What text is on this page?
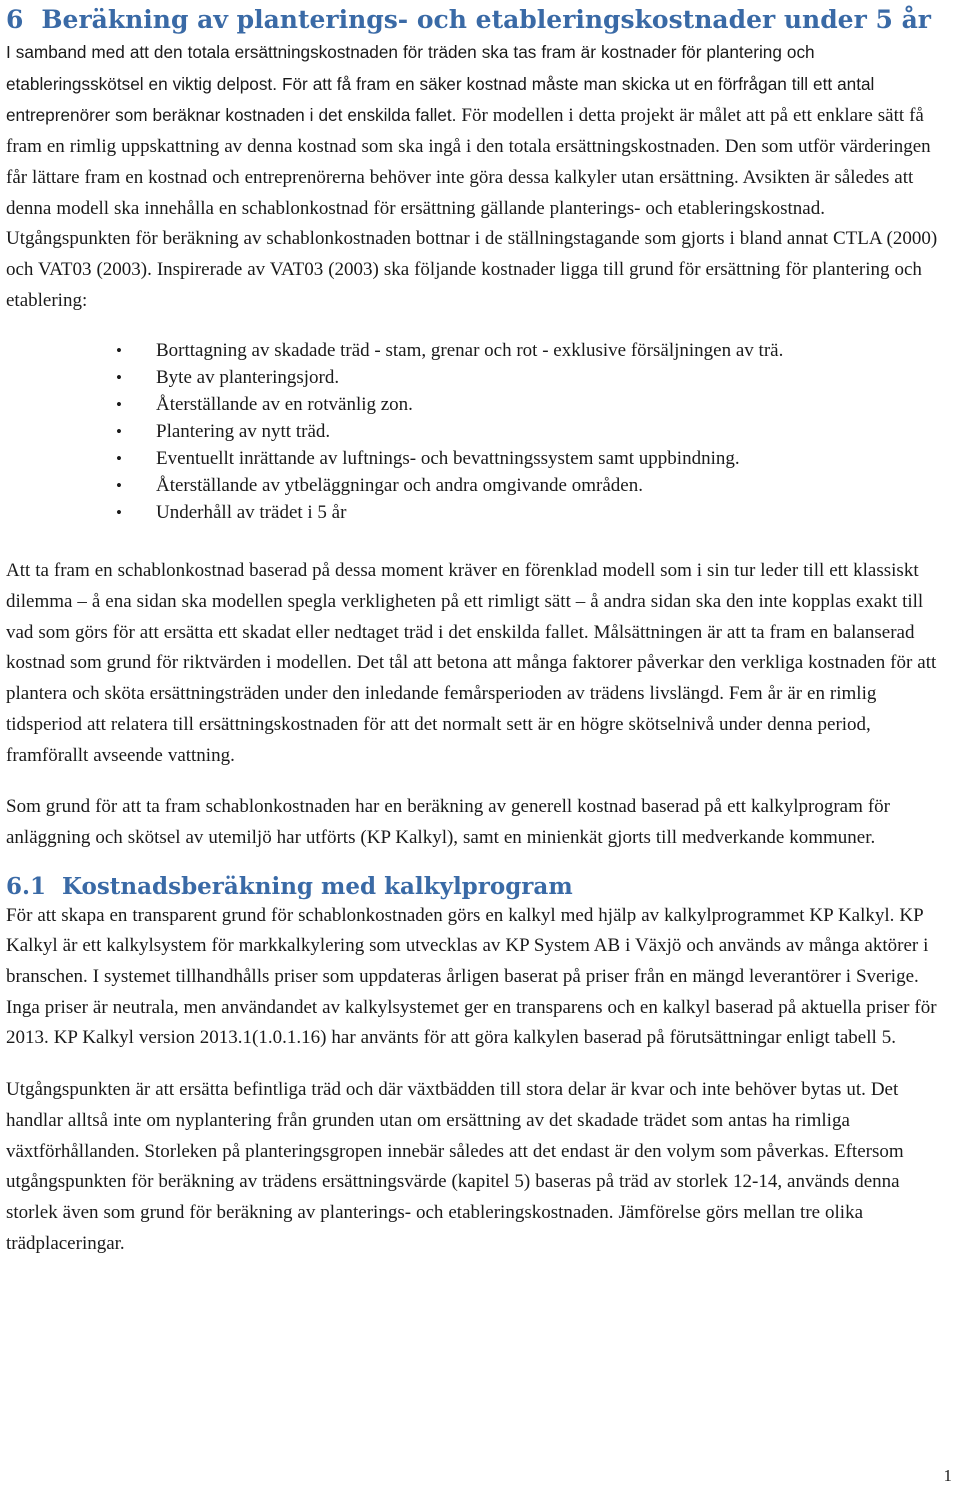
6 Beräkning av planterings- och etableringskostnader under 5 år

I samband med att den totala ersättningskostnaden för träden ska tas fram är kostnader för plantering och etableringsskötsel en viktig delpost. För att få fram en säker kostnad måste man skicka ut en förfrågan till ett antal entreprenörer som beräknar kostnaden i det enskilda fallet. För modellen i detta projekt är målet att på ett enklare sätt få fram en rimlig uppskattning av denna kostnad som ska ingå i den totala ersättningskostnaden. Den som utför värderingen får lättare fram en kostnad och entreprenörerna behöver inte göra dessa kalkyler utan ersättning. Avsikten är således att denna modell ska innehålla en schablonkostnad för ersättning gällande planterings- och etableringskostnad. Utgångspunkten för beräkning av schablonkostnaden bottnar i de ställningstagande som gjorts i bland annat CTLA (2000) och VAT03 (2003). Inspirerade av VAT03 (2003) ska följande kostnader ligga till grund för ersättning för plantering och etablering:

• Borttagning av skadade träd - stam, grenar och rot - exklusive försäljningen av trä.
• Byte av planteringsjord.
• Återställande av en rotvänlig zon.
• Plantering av nytt träd.
• Eventuellt inrättande av luftnings- och bevattningssystem samt uppbindning.
• Återställande av ytbeläggningar och andra omgivande områden.
• Underhåll av trädet i 5 år

Att ta fram en schablonkostnad baserad på dessa moment kräver en förenklad modell som i sin tur leder till ett klassiskt dilemma – å ena sidan ska modellen spegla verkligheten på ett rimligt sätt – å andra sidan ska den inte kopplas exakt till vad som görs för att ersätta ett skadat eller nedtaget träd i det enskilda fallet. Målsättningen är att ta fram en balanserad kostnad som grund för riktvärden i modellen. Det tål att betona att många faktorer påverkar den verkliga kostnaden för att plantera och sköta ersättningsträden under den inledande femårsperioden av trädens livslängd. Fem år är en rimlig tidsperiod att relatera till ersättningskostnaden för att det normalt sett är en högre skötselnivå under denna period, framförallt avseende vattning.

Som grund för att ta fram schablonkostnaden har en beräkning av generell kostnad baserad på ett kalkylprogram för anläggning och skötsel av utemiljö har utförts (KP Kalkyl), samt en minienkät gjorts till medverkande kommuner.

6.1 Kostnadsberäkning med kalkylprogram

För att skapa en transparent grund för schablonkostnaden görs en kalkyl med hjälp av kalkylprogrammet KP Kalkyl. KP Kalkyl är ett kalkylsystem för markkalkylering som utvecklas av KP System AB i Växjö och används av många aktörer i branschen. I systemet tillhandhålls priser som uppdateras årligen baserat på priser från en mängd leverantörer i Sverige. Inga priser är neutrala, men användandet av kalkylsystemet ger en transparens och en kalkyl baserad på aktuella priser för 2013. KP Kalkyl version 2013.1(1.0.1.16) har använts för att göra kalkylen baserad på förutsättningar enligt tabell 5.

Utgångspunkten är att ersätta befintliga träd och där växtbädden till stora delar är kvar och inte behöver bytas ut. Det handlar alltså inte om nyplantering från grunden utan om ersättning av det skadade trädet som antas ha rimliga växtförhållanden. Storleken på planteringsgropen innebär således att det endast är den volym som påverkas. Eftersom utgångspunkten för beräkning av trädens ersättningsvärde (kapitel 5) baseras på träd av storlek 12-14, används denna storlek även som grund för beräkning av planterings- och etableringskostnaden. Jämförelse görs mellan tre olika trädplaceringar.

1
